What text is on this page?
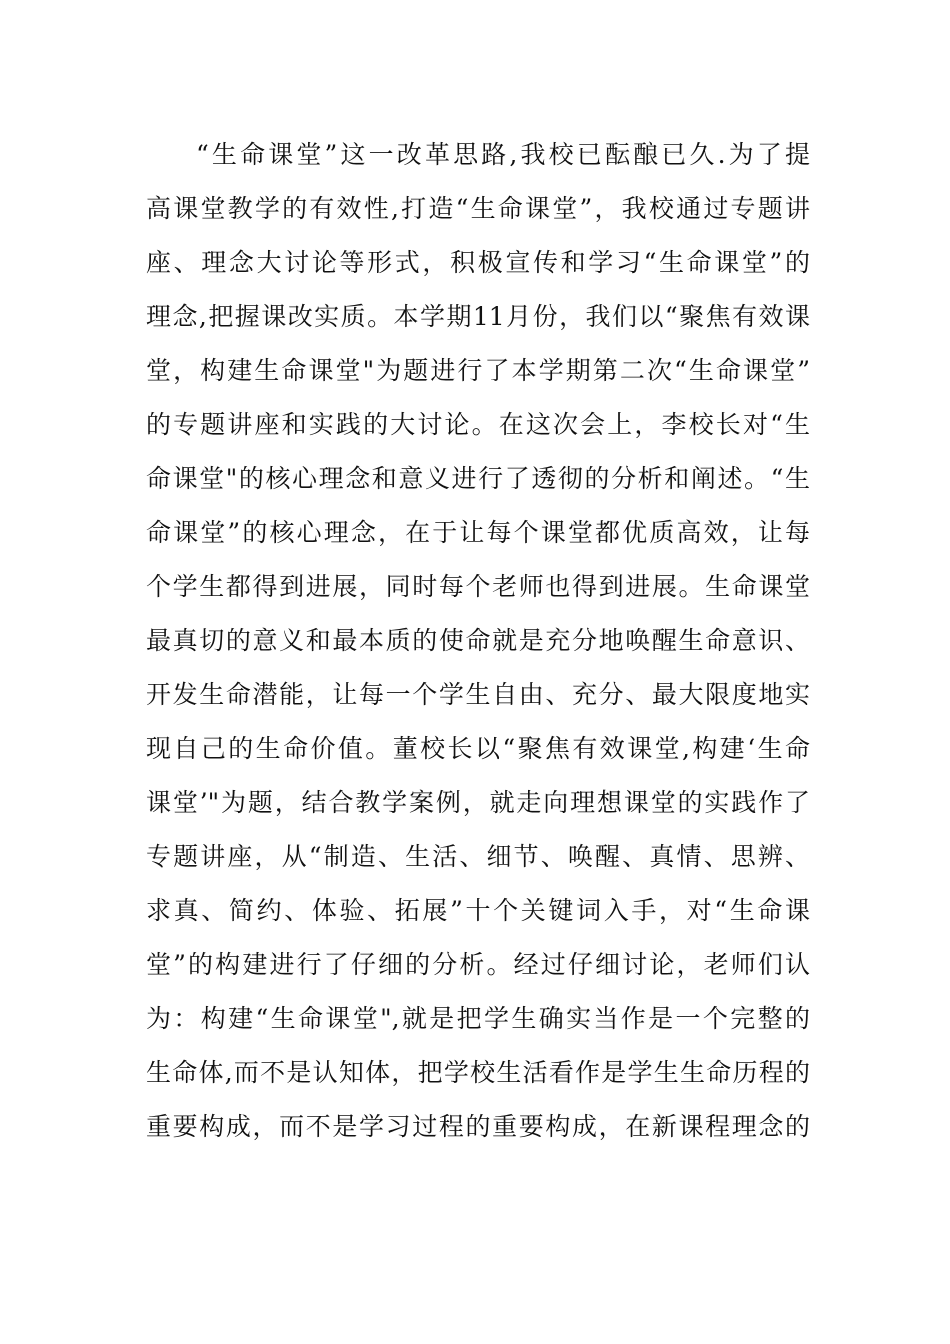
“生命课堂”这一改革思路,我校已酝酿已久.为了提
高课堂教学的有效性,打造“生命课堂”，我校通过专题讲
座、理念大讨论等形式，积极宣传和学习“生命课堂”的
理念,把握课改实质。本学期11月份，我们以“聚焦有效课
堂，构建生命课堂"为题进行了本学期第二次“生命课堂”
的专题讲座和实践的大讨论。在这次会上，李校长对“生
命课堂"的核心理念和意义进行了透彻的分析和阐述。“生
命课堂”的核心理念，在于让每个课堂都优质高效，让每
个学生都得到进展，同时每个老师也得到进展。生命课堂
最真切的意义和最本质的使命就是充分地唤醒生命意识、
开发生命潜能，让每一个学生自由、充分、最大限度地实
现自己的生命价值。董校长以“聚焦有效课堂,构建‘生命
课堂’"为题，结合教学案例，就走向理想课堂的实践作了
专题讲座，从“制造、生活、细节、唤醒、真情、思辨、
求真、简约、体验、拓展”十个关键词入手，对“生命课
堂”的构建进行了仔细的分析。经过仔细讨论，老师们认
为：构建“生命课堂",就是把学生确实当作是一个完整的
生命体,而不是认知体，把学校生活看作是学生生命历程的
重要构成，而不是学习过程的重要构成，在新课程理念的
